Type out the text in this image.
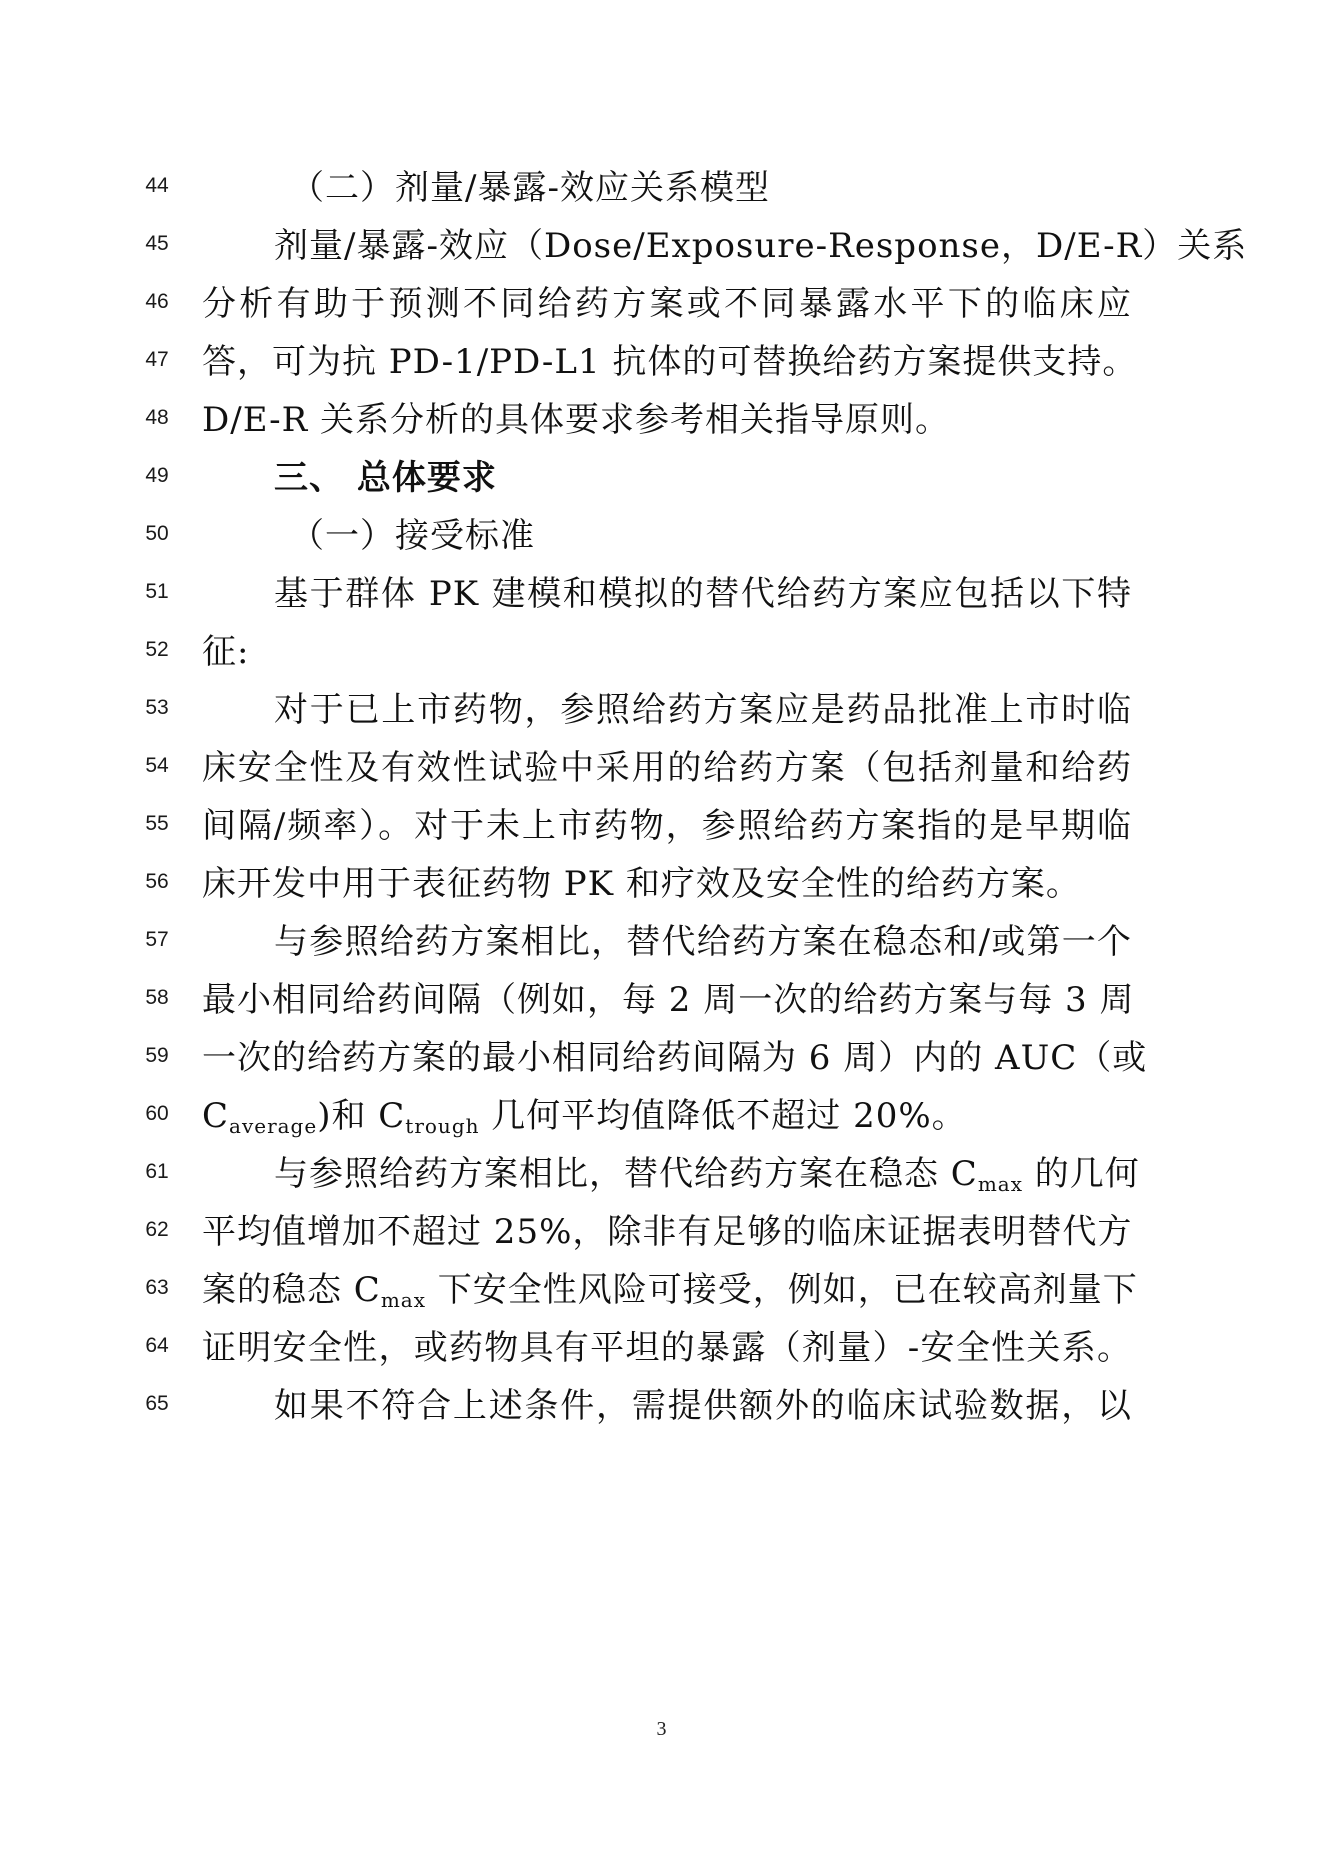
44	（二）剂量/暴露-效应关系模型
45	剂量/暴露-效应（Dose/Exposure-Response，D/E-R）关系
46 分析有助于预测不同给药方案或不同暴露水平下的临床应
47 答，可为抗 PD-1/PD-L1 抗体的可替换给药方案提供支持。
48 D/E-R 关系分析的具体要求参考相关指导原则。
49	三、 总体要求
50	（一）接受标准
51	基于群体 PK 建模和模拟的替代给药方案应包括以下特
52 征:
53	对于已上市药物，参照给药方案应是药品批准上市时临
54 床安全性及有效性试验中采用的给药方案（包括剂量和给药
55 间隔/频率）。对于未上市药物，参照给药方案指的是早期临
56 床开发中用于表征药物 PK 和疗效及安全性的给药方案。
57	与参照给药方案相比，替代给药方案在稳态和/或第一个
58 最小相同给药间隔（例如，每 2 周一次的给药方案与每 3 周
59 一次的给药方案的最小相同给药间隔为 6 周）内的 AUC（或
60 $C_{average}$)和 $C_{trough}$ 几何平均值降低不超过 20%。
61	与参照给药方案相比，替代给药方案在稳态 $C_{max}$ 的几何
62 平均值增加不超过 25%，除非有足够的临床证据表明替代方
63 案的稳态 $C_{max}$ 下安全性风险可接受，例如，已在较高剂量下
64 证明安全性，或药物具有平坦的暴露（剂量）-安全性关系。
65	如果不符合上述条件，需提供额外的临床试验数据，以
3
